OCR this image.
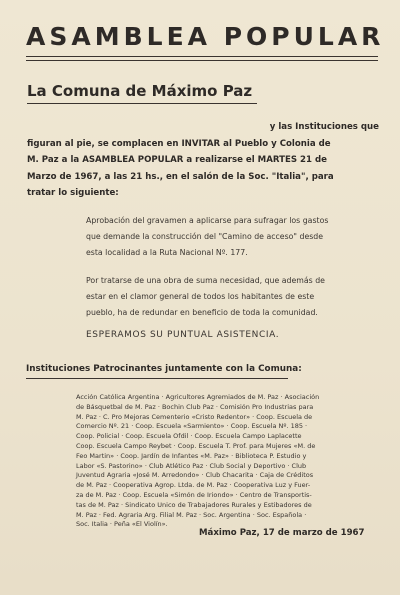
ASAMBLEA POPULAR
La Comuna de Máximo Paz
y las Instituciones que
figuran al pie, se complacen en INVITAR al Pueblo y Colonia de
M. Paz a la ASAMBLEA POPULAR a realizarse el MARTES 21 de
Marzo de 1967, a las 21 hs., en el salón de la Soc. "Italia", para
tratar lo siguiente:
Aprobación del gravamen a aplicarse para sufragar los gastos
que demande la construcción del "Camino de acceso" desde
esta localidad a la Ruta Nacional Nº. 177.
Por tratarse de una obra de suma necesidad, que además de
estar en el clamor general de todos los habitantes de este
pueblo, ha de redundar en beneficio de toda la comunidad.
ESPERAMOS SU PUNTUAL ASISTENCIA.
Instituciones Patrocinantes juntamente con la Comuna:
Acción Católica Argentina · Agricultores Agremiados de M. Paz · Asociación
de Básquetbal de M. Paz · Bochin Club Paz · Comisión Pro Industrias para
M. Paz · C. Pro Mejoras Cementerio «Cristo Redentor» · Coop. Escuela de
Comercio Nº. 21 · Coop. Escuela «Sarmiento» · Coop. Escuela Nº. 185 ·
Coop. Policial · Coop. Escuela Ofdil · Coop. Escuela Campo Laplacette
Coop. Escuela Campo Reybet · Coop. Escuela T. Prof. para Mujeres «M. de
Feo Martin» · Coop. Jardín de Infantes «M. Paz» · Biblioteca P. Estudio y
Labor «S. Pastorino» · Club Atlético Paz · Club Social y Deportivo · Club
Juventud Agraria «José M. Arredondo» · Club Chacarita · Caja de Créditos
de M. Paz · Cooperativa Agrop. Ltda. de M. Paz · Cooperativa Luz y Fuer-
za de M. Paz · Coop. Escuela «Simón de Iriondo» · Centro de Transportis-
tas de M. Paz · Sindicato Unico de Trabajadores Rurales y Estibadores de
M. Paz · Fed. Agraria Arg. Filial M. Paz · Soc. Argentina · Soc. Española ·
Soc. Italia · Peña «El Violín».
Máximo Paz, 17 de marzo de 1967
